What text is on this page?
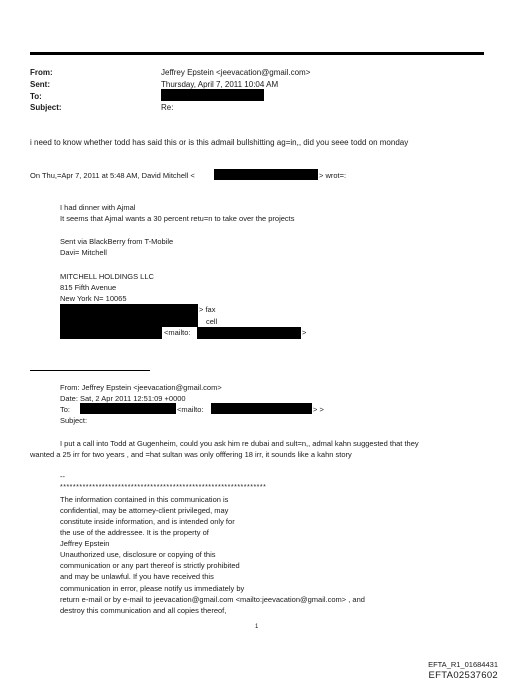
From:	Jeffrey Epstein <jeevacation@gmail.com>
Sent:	Thursday, April 7, 2011 10:04 AM
To:
Subject:	Re:
i need to know whether todd has said this or is this admail bullshitting ag=in,, did you seee todd on monday
On Thu,=Apr 7, 2011 at 5:48 AM, David Mitchell <	> wrot=:
I had dinner with Ajmal
It seems that Ajmal wants a 30 percent retu=n to take over the projects
Sent via BlackBerry from T-Mobile
Davi= Mitchell
MITCHELL HOLDINGS LLC
815 Fifth Avenue
New York N= 10065
> fax
cell
<mailto:	>
From: Jeffrey Epstein <jeevacation@gmail.com>
Date: Sat, 2 Apr 2011 12:51:09 +0000
To:	<mailto:	> >
Subject:
I put a call into Todd at Gugenheim, could you ask him re dubai and sult=n,, admal kahn suggested that they
wanted a 25 irr for two years , and =hat sultan was only offfering 18 irr, it sounds like a kahn story
--
****************************************************************
The information contained in this communication is
confidential, may be attorney-client privileged, may
constitute inside information, and is intended only for
the use of the addressee. It is the property of
Jeffrey Epstein
Unauthorized use, disclosure or copying of this
communication or any part thereof is strictly prohibited
and may be unlawful. If you have received this
communication in error, please notify us immediately by
return e-mail or by e-mail to jeevacation@gmail.com <mailto:jeevacation@gmail.com> , and
destroy this communication and all copies thereof,
1
EFTA_R1_01684431
EFTA02537602
